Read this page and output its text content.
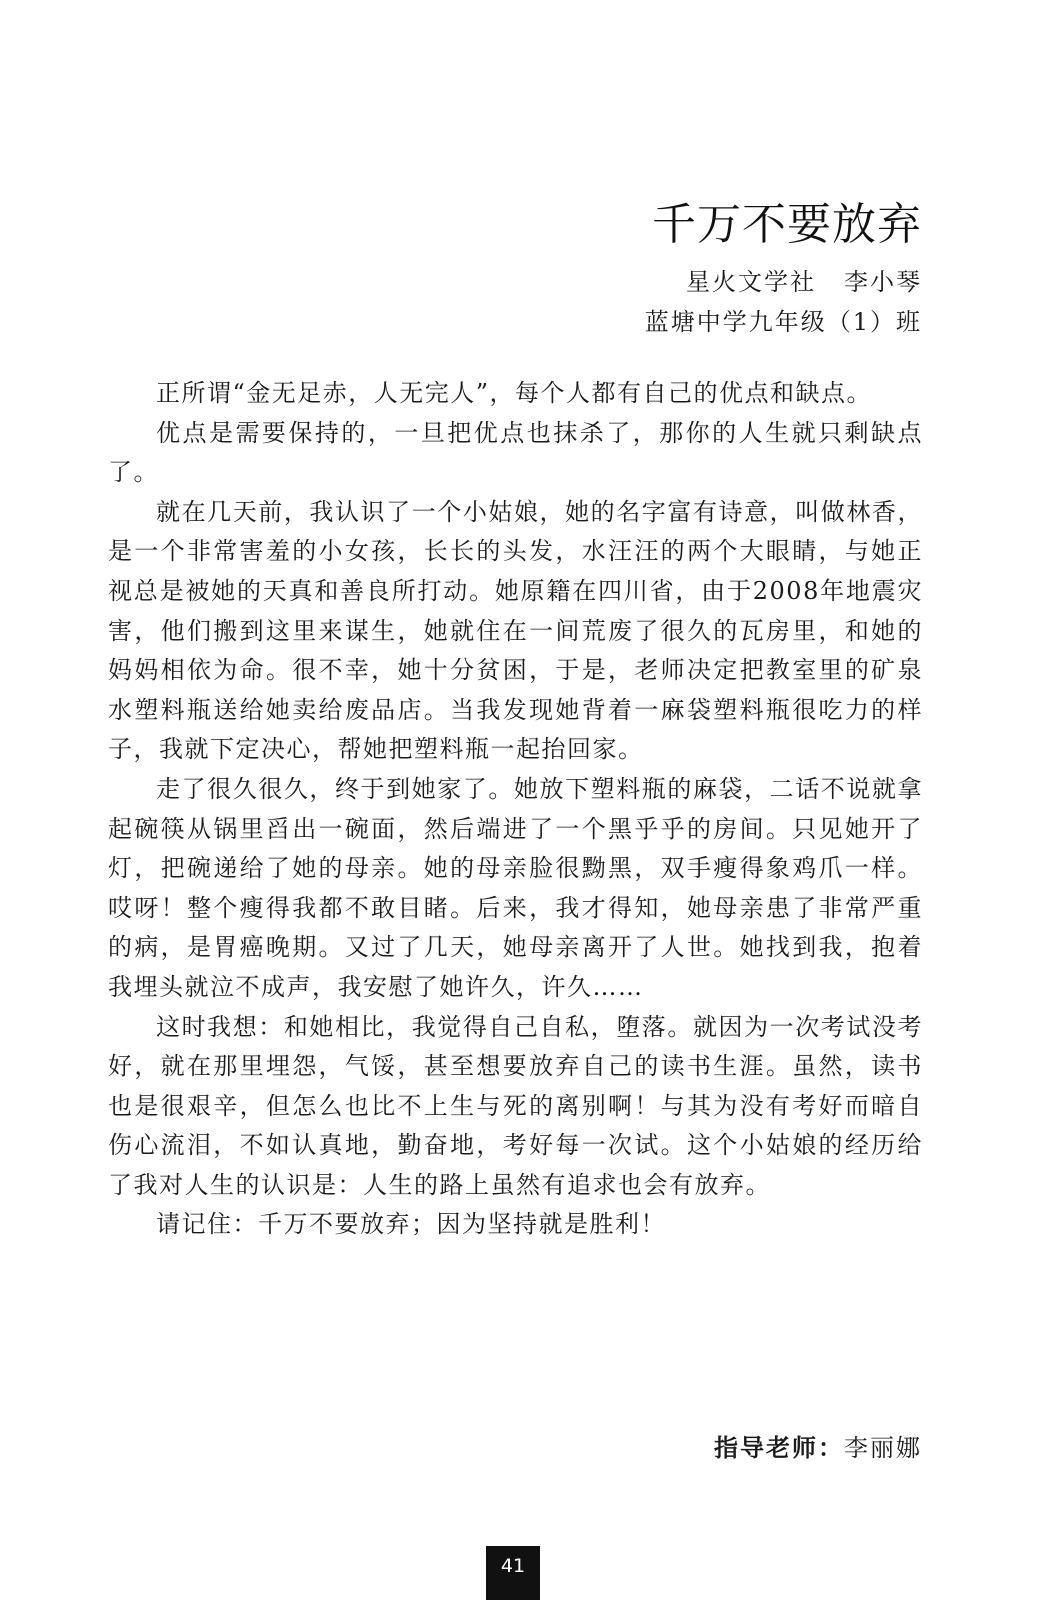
千万不要放弃
星火文学社 李小琴
蓝塘中学九年级（1）班

正所谓“金无足赤，人无完人”，每个人都有自己的优点和缺点。

优点是需要保持的，一旦把优点也抹杀了，那你的人生就只剩缺点了。

就在几天前，我认识了一个小姑娘，她的名字富有诗意，叫做林香，是一个非常害羞的小女孩，长长的头发，水汪汪的两个大眼睛，与她正视总是被她的天真和善良所打动。她原籍在四川省，由于2008年地震灾害，他们搬到这里来谋生，她就住在一间荒废了很久的瓦房里，和她的妈妈相依为命。很不幸，她十分贫困，于是，老师决定把教室里的矿泉水塑料瓶送给她卖给废品店。当我发现她背着一麻袋塑料瓶很吃力的样子，我就下定决心，帮她把塑料瓶一起抬回家。

走了很久很久，终于到她家了。她放下塑料瓶的麻袋，二话不说就拿起碗筷从锅里舀出一碗面，然后端进了一个黑乎乎的房间。只见她开了灯，把碗递给了她的母亲。她的母亲脸很黝黑，双手瘦得象鸡爪一样。哎呀！整个瘦得我都不敢目睹。后来，我才得知，她母亲患了非常严重的病，是胃癌晚期。又过了几天，她母亲离开了人世。她找到我，抱着我埋头就泣不成声，我安慰了她许久，许久……

这时我想：和她相比，我觉得自己自私，堕落。就因为一次考试没考好，就在那里埋怨，气馁，甚至想要放弃自己的读书生涯。虽然，读书也是很艰辛，但怎么也比不上生与死的离别啊！与其为没有考好而暗自伤心流泪，不如认真地，勤奋地，考好每一次试。这个小姑娘的经历给了我对人生的认识是：人生的路上虽然有追求也会有放弃。

请记住：千万不要放弃；因为坚持就是胜利！

指导老师：李丽娜
41
